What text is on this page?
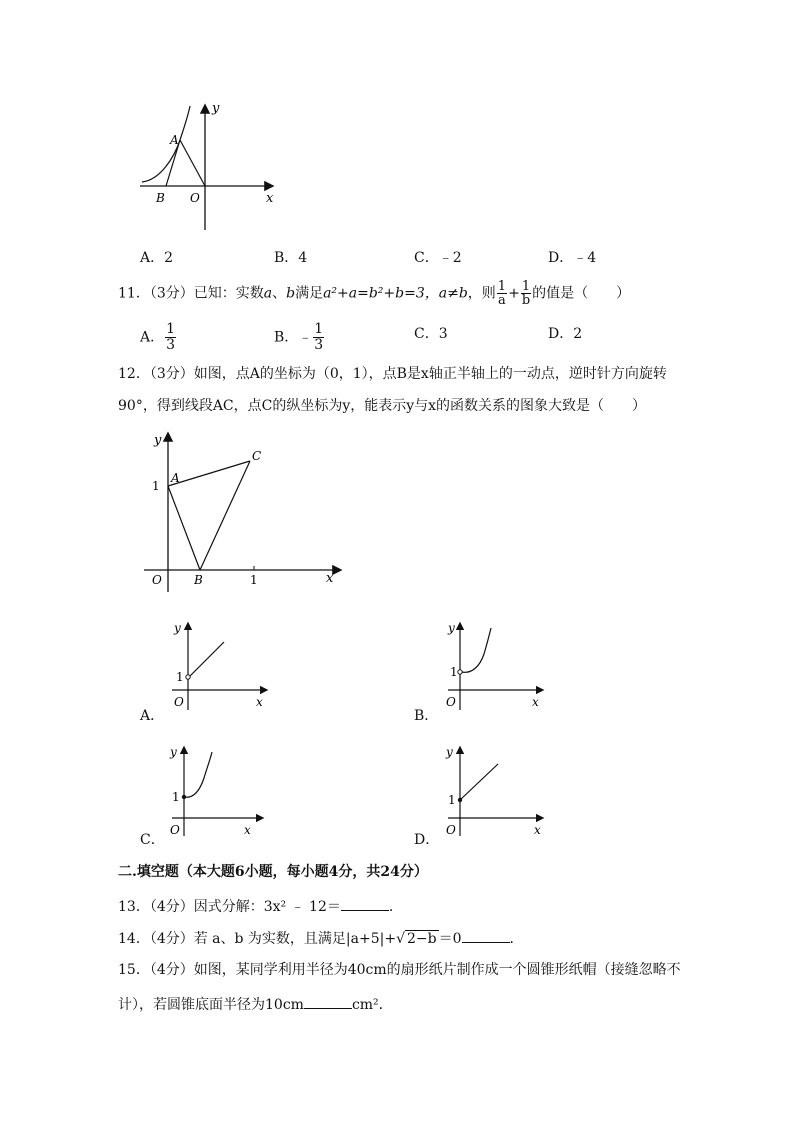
y
x
A
B O
A．2	B．4	C．﹣2	D．﹣4
11．（3分）已知：实数a、b满足a²+a=b²+b=3，a≠b，则 $\frac{1}{a} + \frac{1}{b}$ 的值是（　　）
A． $\frac{1}{3}$	B．﹣ $\frac{1}{3}$	C．3	D．2
12．（3分）如图，点A的坐标为（0，1），点B是x轴正半轴上的一动点，逆时针方向旋转
90°，得到线段AC，点C的纵坐标为y，能表示y与x的函数关系的图象大致是（　　）
y
x
A
B
C
O
1
1
y
x
O
1
A．
y
x
O
1
B．
y
x
O
1
C．
y
x
O
1
D．
二.填空题（本大题6小题，每小题4分，共24分）
13．（4分）因式分解：3x² ﹣ 12＝	．
14．（4分）若 a、b 为实数，且满足|a+5|+√ 2−b ＝0	．
15．（4分）如图，某同学利用半径为40cm的扇形纸片制作成一个圆锥形纸帽（接缝忽略不
计），若圆锥底面半径为10cm	cm²．
